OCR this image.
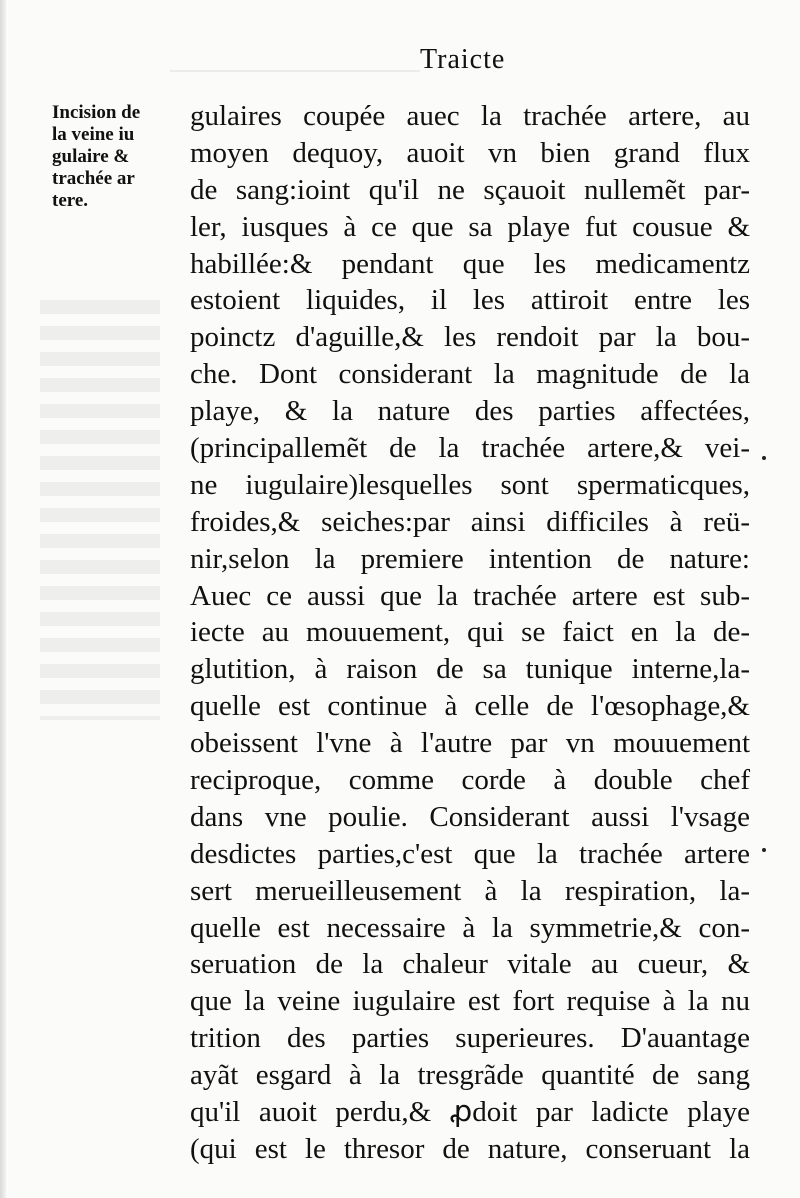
Traicte
Incision de
la veine iu
gulaire &
trachée ar
tere.
gulaires coupée auec la trachée artere, au
moyen dequoy, auoit vn bien grand flux
de sang:ioint qu'il ne sçauoit nullemẽt par-
ler, iusques à ce que sa playe fut cousue &
habillée:& pendant que les medicamentz
estoient liquides, il les attiroit entre les
poinctz d'aguille,& les rendoit par la bou-
che. Dont considerant la magnitude de la
playe, & la nature des parties affectées,
(principallemẽt de la trachée artere,& vei-
ne iugulaire)lesquelles sont spermaticques,
froides,& seiches:par ainsi difficiles à reü-
nir,selon la premiere intention de nature:
Auec ce aussi que la trachée artere est sub-
iecte au mouuement, qui se faict en la de-
glutition, à raison de sa tunique interne,la-
quelle est continue à celle de l'œsophage,&
obeissent l'vne à l'autre par vn mouuement
reciproque, comme corde à double chef
dans vne poulie. Considerant aussi l'vsage
desdictes parties,c'est que la trachée artere
sert merueilleusement à la respiration, la-
quelle est necessaire à la symmetrie,& con-
seruation de la chaleur vitale au cueur, &
que la veine iugulaire est fort requise à la nu
trition des parties superieures. D'auantage
ayãt esgard à la tresgrãde quantité de sang
qu'il auoit perdu,& ꝓdoit par ladicte playe
(qui est le thresor de nature, conseruant la
